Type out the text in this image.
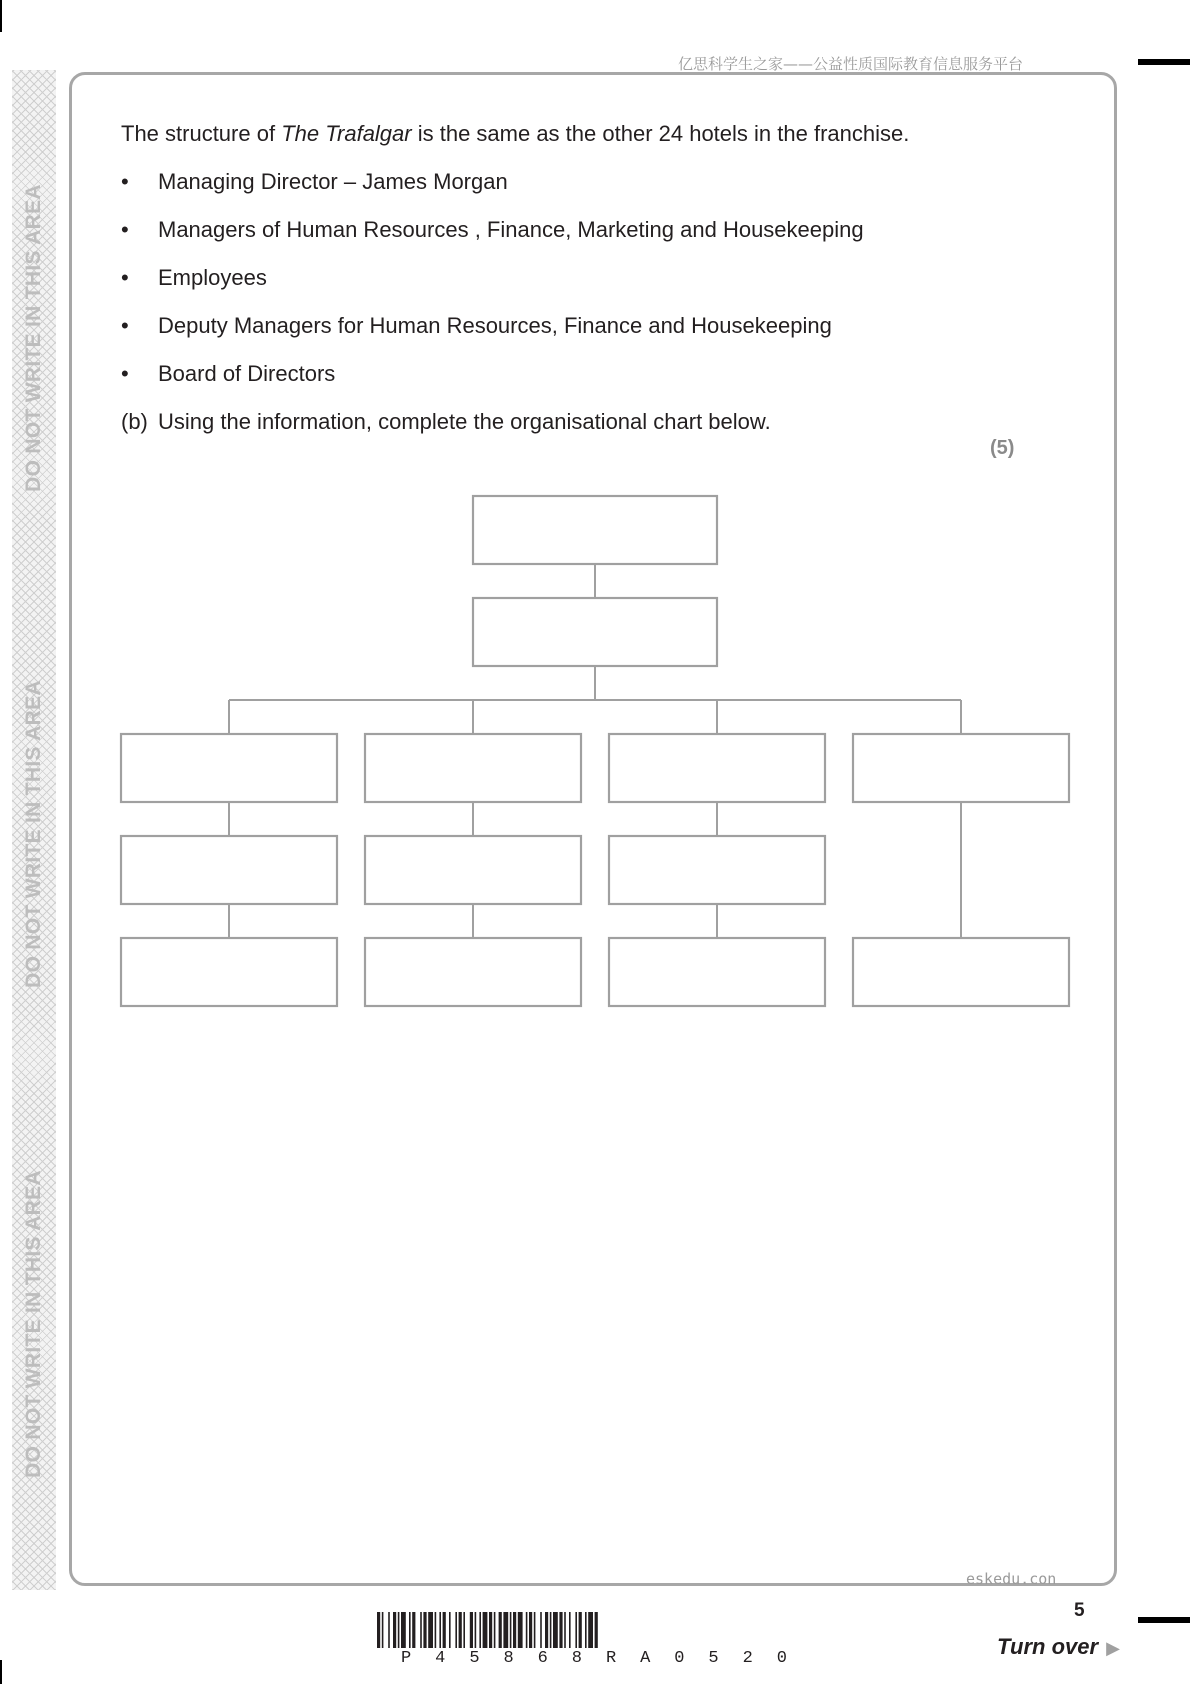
DO NOT WRITE IN THIS AREA
DO NOT WRITE IN THIS AREA
DO NOT WRITE IN THIS AREA
亿思科学生之家——公益性质国际教育信息服务平台
The structure of The Trafalgar is the same as the other 24 hotels in the franchise.
• Managing Director – James Morgan
• Managers of Human Resources , Finance, Marketing and Housekeeping
• Employees
• Deputy Managers for Human Resources, Finance and Housekeeping
• Board of Directors
(b) Using the information, complete the organisational chart below.
(5)
eskedu.con
5
Turn over ▶
P 4 5 8 6 8 R A 0 5 2 0
